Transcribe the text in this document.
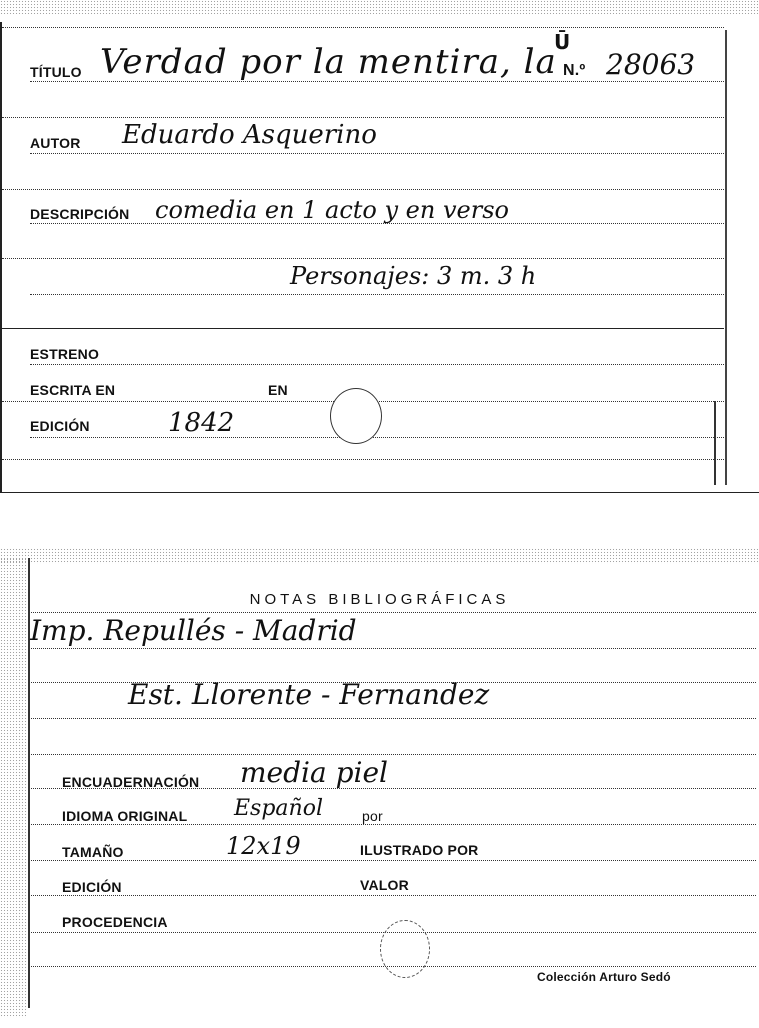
TÍTULO Verdad por la mentira, la
Ū
N.º 28063
AUTOR Eduardo Asquerino
DESCRIPCIÓN comedia en 1 acto y en verso
Personajes: 3 m. 3 h
ESTRENO
ESCRITA EN	EN
EDICIÓN	1842
NOTAS BIBLIOGRÁFICAS
Imp. Repullés - Madrid
Est. Llorente - Fernandez
ENCUADERNACIÓN media piel
IDIOMA ORIGINAL Español	por
TAMAÑO	12x19	ILUSTRADO POR
EDICIÓN	VALOR
PROCEDENCIA
Colección Arturo Sedó
